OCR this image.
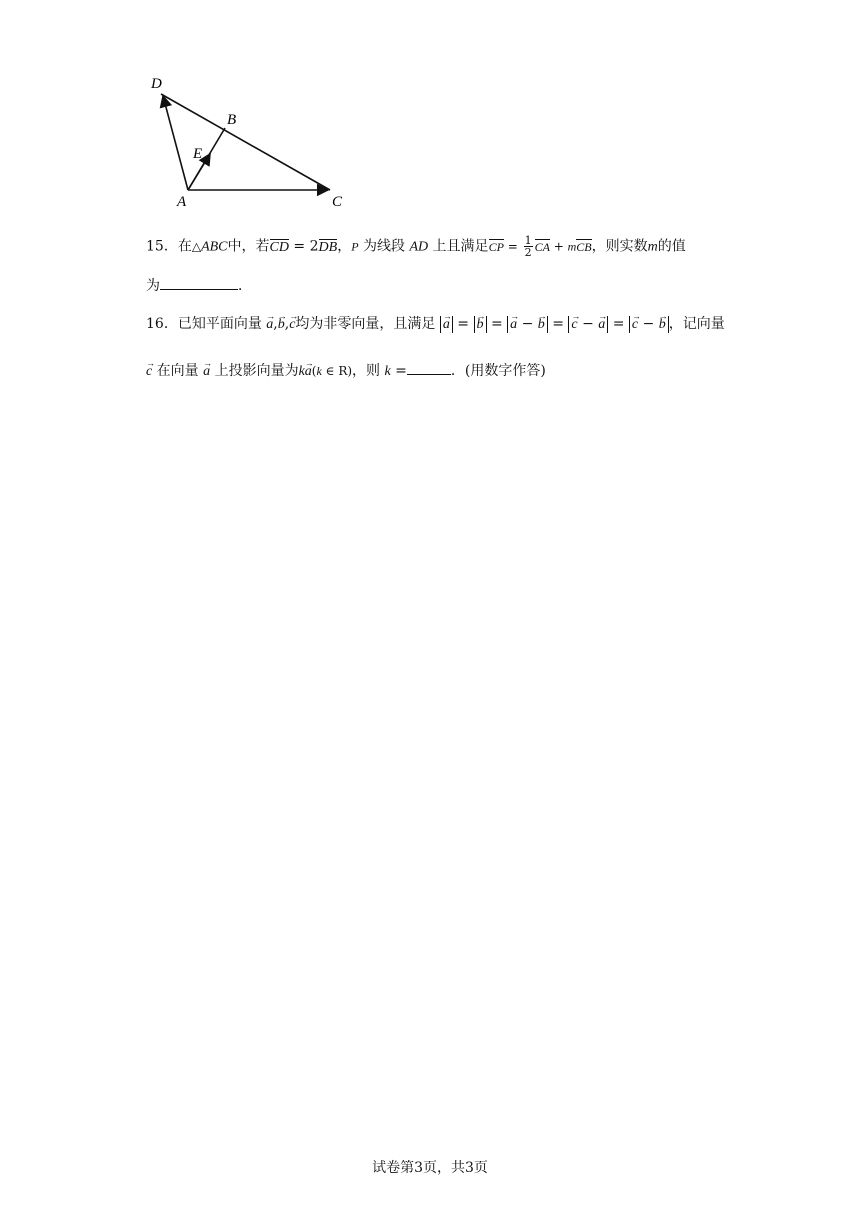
D
B
E
A	C
15．在△ABC中，若CD = 2DB，P 为线段 AD 上且满足CP = $\frac{1}{2}$ CA + mCB，则实数m的值
为	．
16．已知平面向量 → a,→ b,→ c均为非零向量，且满足 → a = → b = → a − → b = → c − → a = → c − → b ，记向量
→ c 在向量 → a 上投影向量为k→ a(k ∈ R)，则 k =	．(用数字作答)
试卷第3页，共3页
